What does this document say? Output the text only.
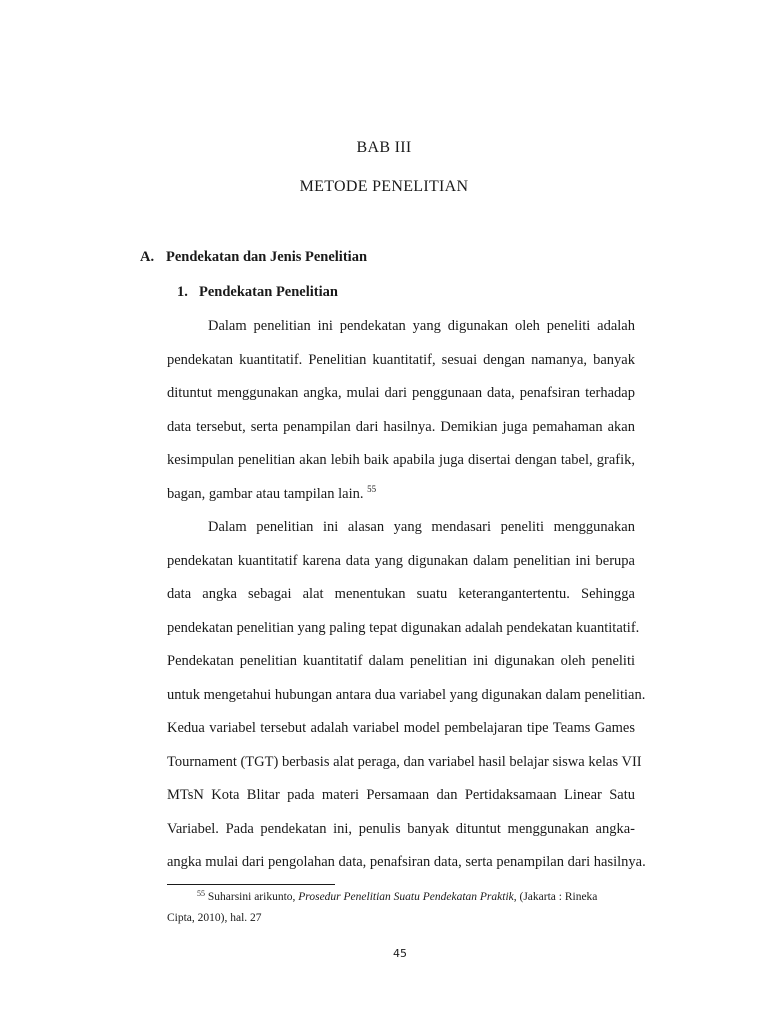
BAB III
METODE PENELITIAN
A. Pendekatan dan Jenis Penelitian
1. Pendekatan Penelitian
Dalam penelitian ini pendekatan yang digunakan oleh peneliti adalah
pendekatan kuantitatif. Penelitian kuantitatif, sesuai dengan namanya, banyak
dituntut menggunakan angka, mulai dari penggunaan data, penafsiran terhadap
data tersebut, serta penampilan dari hasilnya. Demikian juga pemahaman akan
kesimpulan penelitian akan lebih baik apabila juga disertai dengan tabel, grafik,
bagan, gambar atau tampilan lain. $^{55}$
Dalam penelitian ini alasan yang mendasari peneliti menggunakan
pendekatan kuantitatif karena data yang digunakan dalam penelitian ini berupa
data angka sebagai alat menentukan suatu keterangantertentu. Sehingga
pendekatan penelitian yang paling tepat digunakan adalah pendekatan kuantitatif.
Pendekatan penelitian kuantitatif dalam penelitian ini digunakan oleh peneliti
untuk mengetahui hubungan antara dua variabel yang digunakan dalam penelitian.
Kedua variabel tersebut adalah variabel model pembelajaran tipe Teams Games
Tournament (TGT) berbasis alat peraga, dan variabel hasil belajar siswa kelas VII
MTsN Kota Blitar pada materi Persamaan dan Pertidaksamaan Linear Satu
Variabel. Pada pendekatan ini, penulis banyak dituntut menggunakan angka-
angka mulai dari pengolahan data, penafsiran data, serta penampilan dari hasilnya.
$^{55}$ Suharsini arikunto, Prosedur Penelitian Suatu Pendekatan Praktik, (Jakarta : Rineka
Cipta, 2010), hal. 27
45
